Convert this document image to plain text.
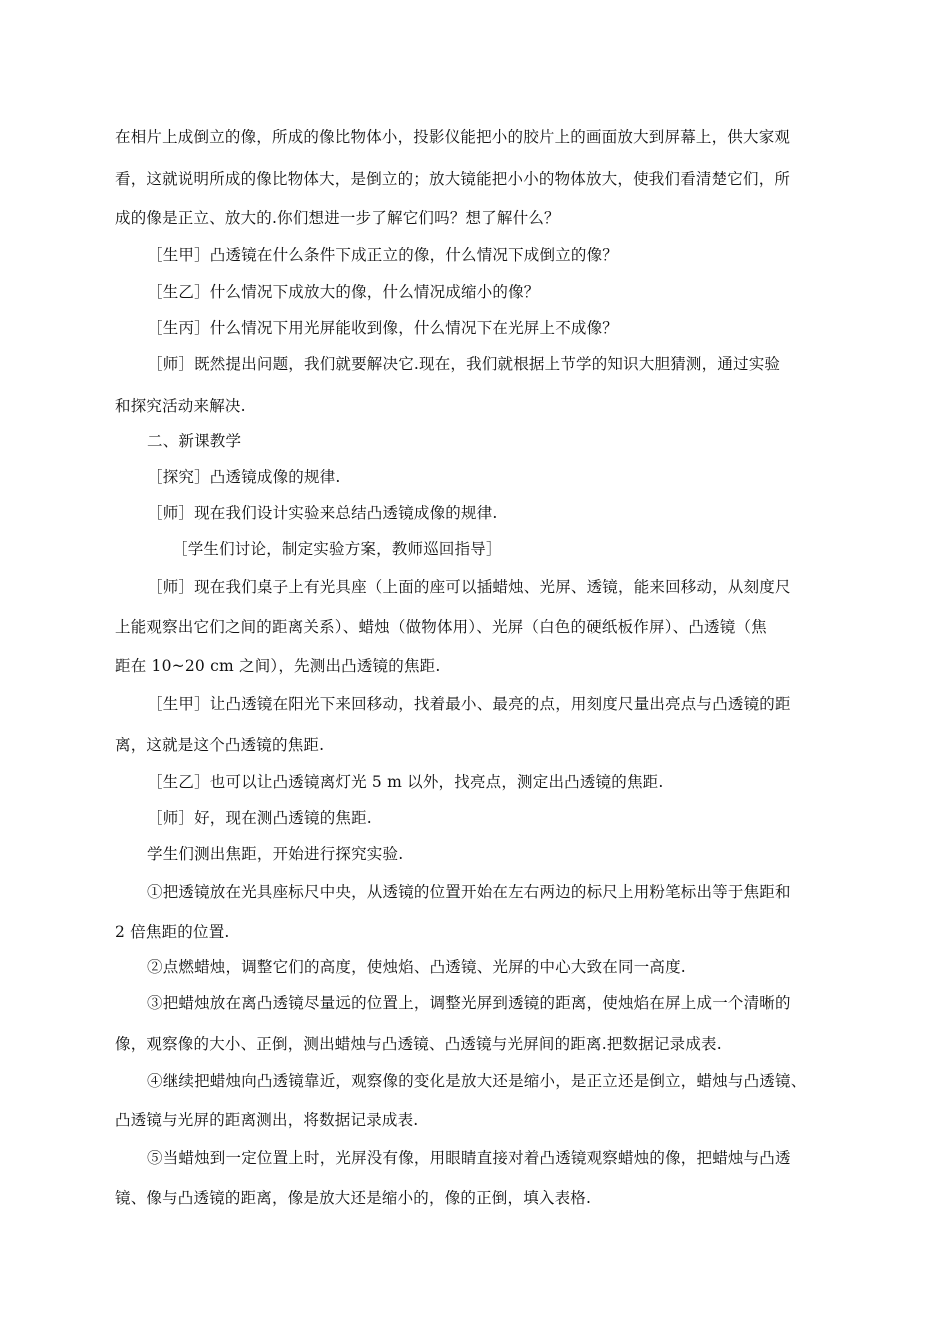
在相片上成倒立的像，所成的像比物体小，投影仪能把小的胶片上的画面放大到屏幕上，供大家观
看，这就说明所成的像比物体大，是倒立的；放大镜能把小小的物体放大，使我们看清楚它们，所
成的像是正立、放大的.你们想进一步了解它们吗？想了解什么？
［生甲］凸透镜在什么条件下成正立的像，什么情况下成倒立的像？
［生乙］什么情况下成放大的像，什么情况成缩小的像？
［生丙］什么情况下用光屏能收到像，什么情况下在光屏上不成像？
［师］既然提出问题，我们就要解决它.现在，我们就根据上节学的知识大胆猜测，通过实验
和探究活动来解决.
二、新课教学
［探究］凸透镜成像的规律.
［师］现在我们设计实验来总结凸透镜成像的规律.
［学生们讨论，制定实验方案，教师巡回指导］
［师］现在我们桌子上有光具座（上面的座可以插蜡烛、光屏、透镜，能来回移动，从刻度尺
上能观察出它们之间的距离关系）、蜡烛（做物体用）、光屏（白色的硬纸板作屏）、凸透镜（焦
距在 10~20 cm 之间），先测出凸透镜的焦距.
［生甲］让凸透镜在阳光下来回移动，找着最小、最亮的点，用刻度尺量出亮点与凸透镜的距
离，这就是这个凸透镜的焦距.
［生乙］也可以让凸透镜离灯光 5 m 以外，找亮点，测定出凸透镜的焦距.
［师］好，现在测凸透镜的焦距.
学生们测出焦距，开始进行探究实验.
①把透镜放在光具座标尺中央，从透镜的位置开始在左右两边的标尺上用粉笔标出等于焦距和
2 倍焦距的位置.
②点燃蜡烛，调整它们的高度，使烛焰、凸透镜、光屏的中心大致在同一高度.
③把蜡烛放在离凸透镜尽量远的位置上，调整光屏到透镜的距离，使烛焰在屏上成一个清晰的
像，观察像的大小、正倒，测出蜡烛与凸透镜、凸透镜与光屏间的距离.把数据记录成表.
④继续把蜡烛向凸透镜靠近，观察像的变化是放大还是缩小，是正立还是倒立，蜡烛与凸透镜、
凸透镜与光屏的距离测出，将数据记录成表.
⑤当蜡烛到一定位置上时，光屏没有像，用眼睛直接对着凸透镜观察蜡烛的像，把蜡烛与凸透
镜、像与凸透镜的距离，像是放大还是缩小的，像的正倒，填入表格.
